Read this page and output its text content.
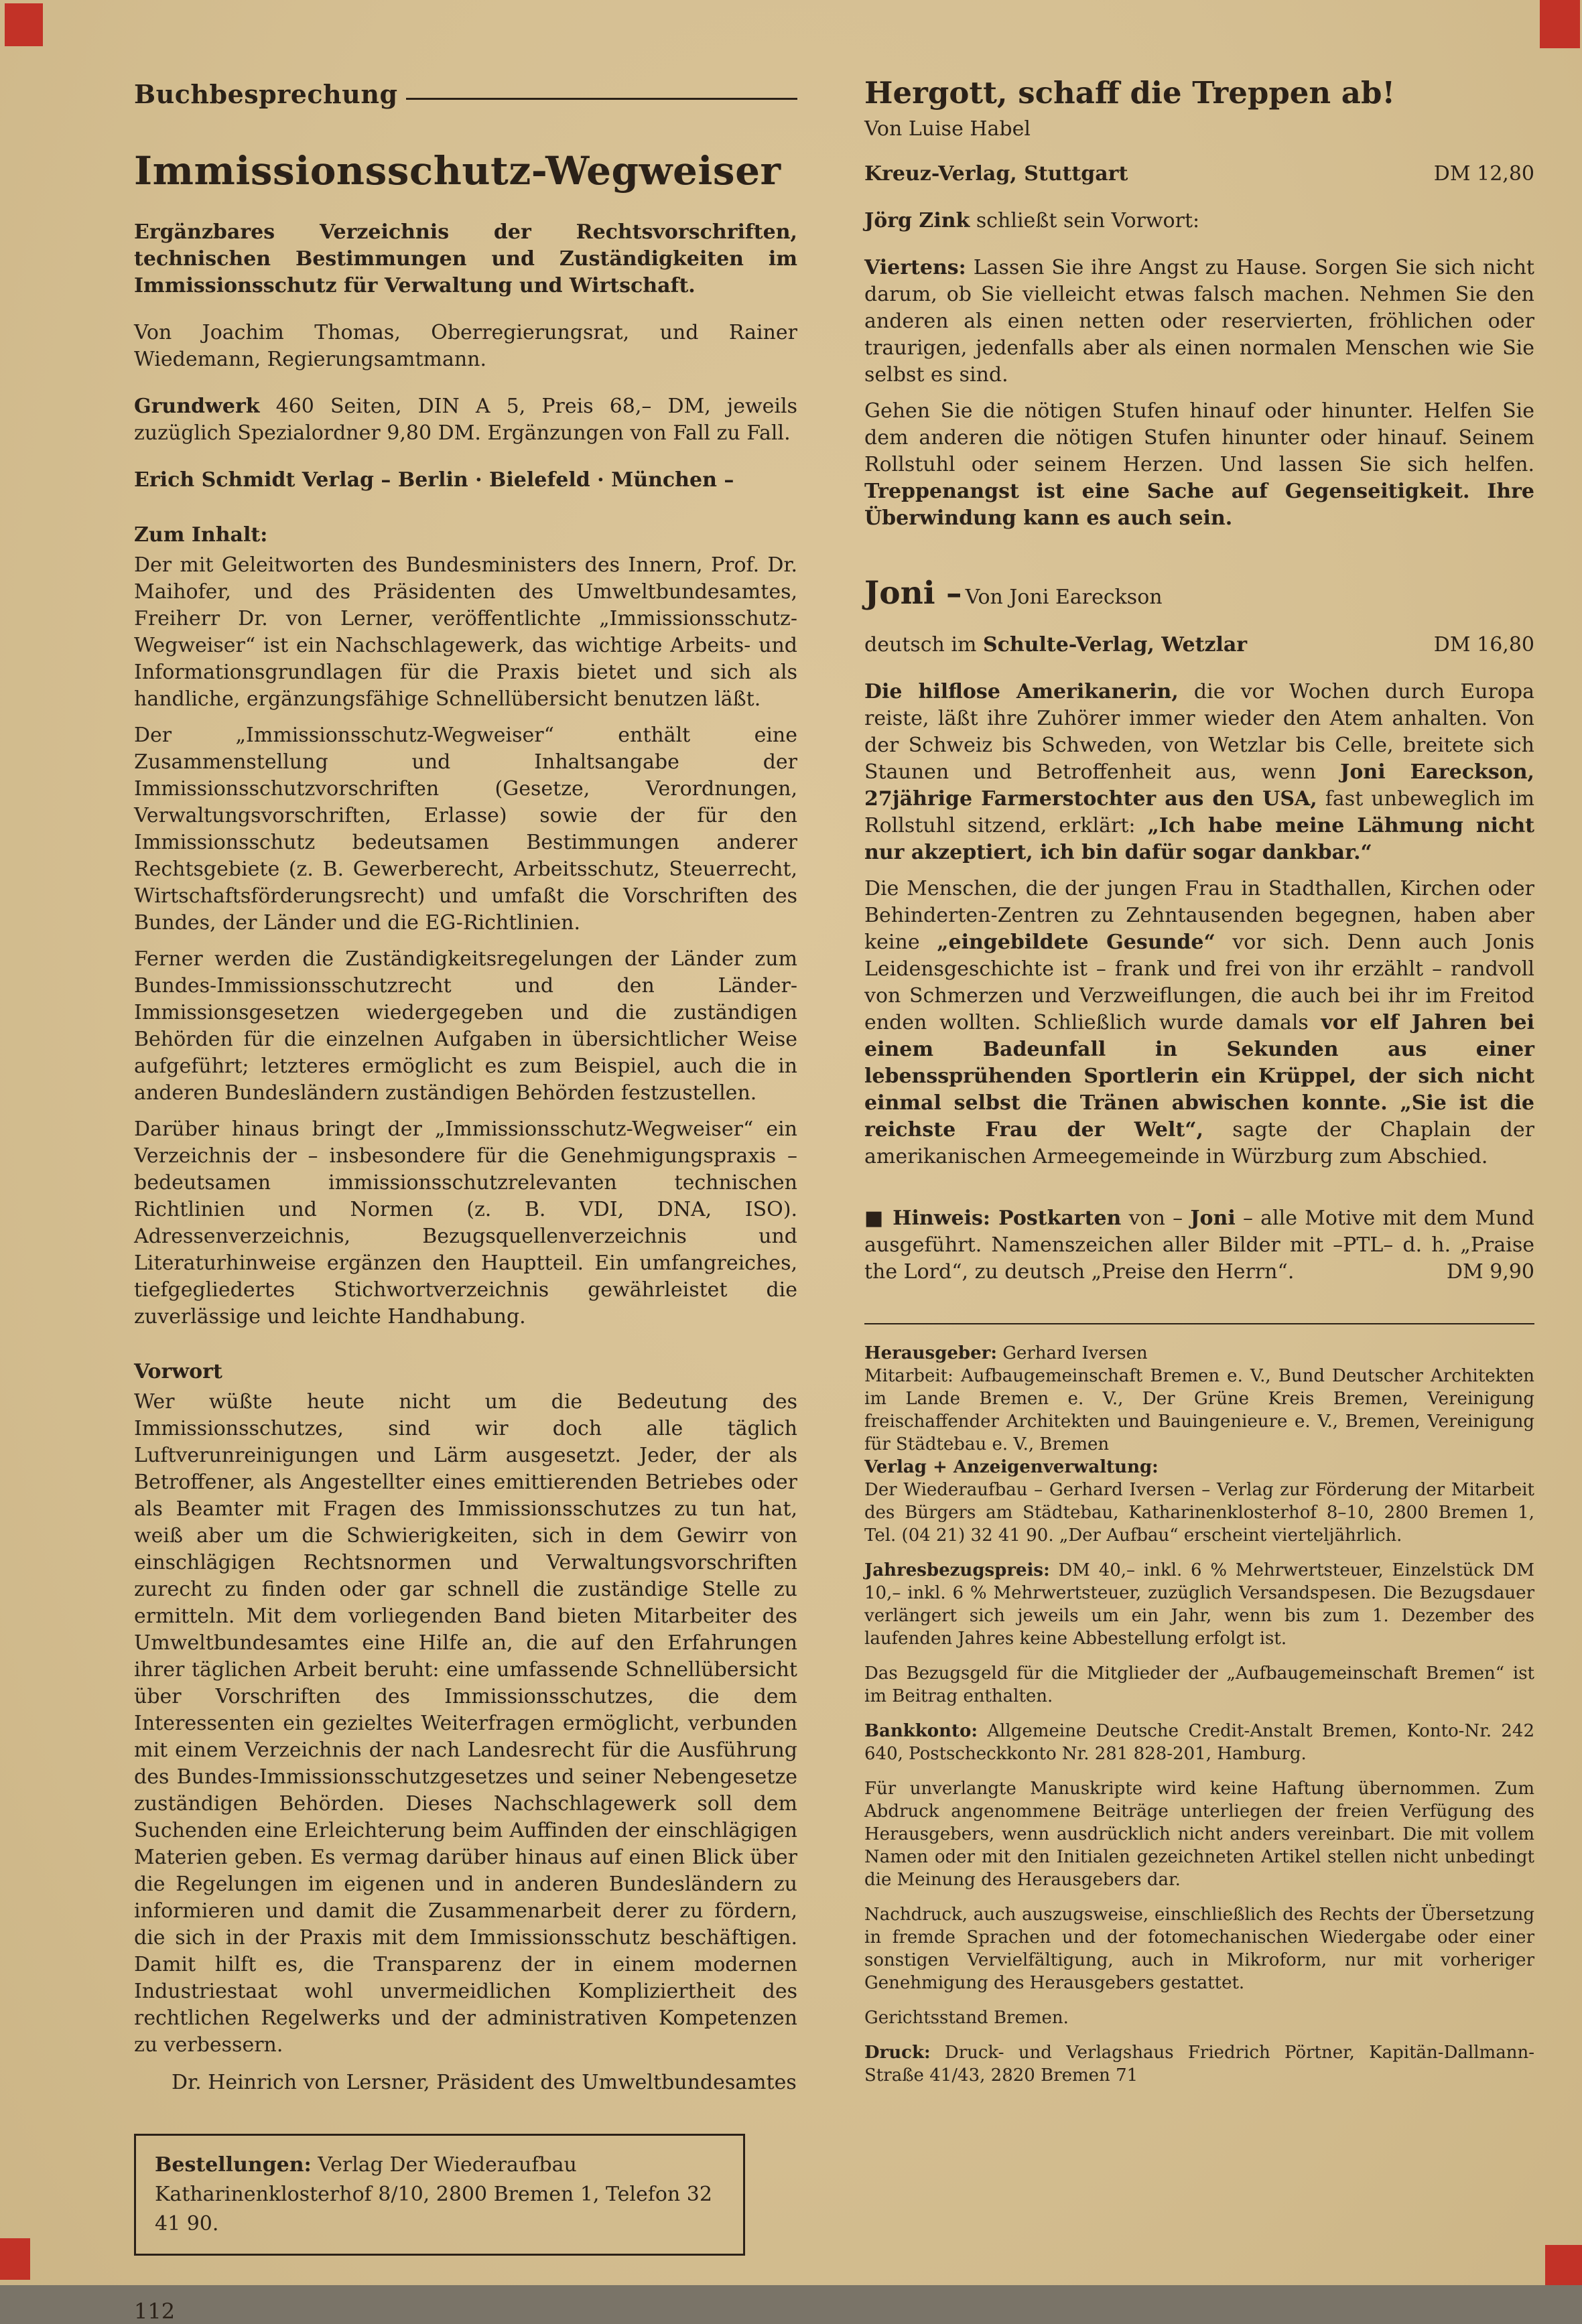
Buchbesprechung
Immissionsschutz-Wegweiser

Ergänzbares Verzeichnis der Rechtsvorschriften, technischen Bestimmungen und Zuständigkeiten im Immissionsschutz für Verwaltung und Wirtschaft.

Von Joachim Thomas, Oberregierungsrat, und Rainer Wiedemann, Regierungsamtmann.

Grundwerk 460 Seiten, DIN A 5, Preis 68,– DM, jeweils zuzüglich Spezialordner 9,80 DM. Ergänzungen von Fall zu Fall.

Erich Schmidt Verlag – Berlin · Bielefeld · München –

Zum Inhalt:

Der mit Geleitworten des Bundesministers des Innern, Prof. Dr. Maihofer, und des Präsidenten des Umweltbundesamtes, Freiherr Dr. von Lerner, veröffentlichte „Immissionsschutz-Wegweiser“ ist ein Nachschlagewerk, das wichtige Arbeits- und Informationsgrundlagen für die Praxis bietet und sich als handliche, ergänzungsfähige Schnellübersicht benutzen läßt.

Der „Immissionsschutz-Wegweiser“ enthält eine Zusammenstellung und Inhaltsangabe der Immissionsschutzvorschriften (Gesetze, Verordnungen, Verwaltungsvorschriften, Erlasse) sowie der für den Immissionsschutz bedeutsamen Bestimmungen anderer Rechtsgebiete (z. B. Gewerberecht, Arbeitsschutz, Steuerrecht, Wirtschaftsförderungsrecht) und umfaßt die Vorschriften des Bundes, der Länder und die EG-Richtlinien.

Ferner werden die Zuständigkeitsregelungen der Länder zum Bundes-Immissionsschutzrecht und den Länder-Immissionsgesetzen wiedergegeben und die zuständigen Behörden für die einzelnen Aufgaben in übersichtlicher Weise aufgeführt; letzteres ermöglicht es zum Beispiel, auch die in anderen Bundesländern zuständigen Behörden festzustellen.

Darüber hinaus bringt der „Immissionsschutz-Wegweiser“ ein Verzeichnis der – insbesondere für die Genehmigungspraxis – bedeutsamen immissionsschutzrelevanten technischen Richtlinien und Normen (z. B. VDI, DNA, ISO). Adressenverzeichnis, Bezugsquellenverzeichnis und Literaturhinweise ergänzen den Hauptteil. Ein umfangreiches, tiefgegliedertes Stichwortverzeichnis gewährleistet die zuverlässige und leichte Handhabung.

Vorwort

Wer wüßte heute nicht um die Bedeutung des Immissionsschutzes, sind wir doch alle täglich Luftverunreinigungen und Lärm ausgesetzt. Jeder, der als Betroffener, als Angestellter eines emittierenden Betriebes oder als Beamter mit Fragen des Immissionsschutzes zu tun hat, weiß aber um die Schwierigkeiten, sich in dem Gewirr von einschlägigen Rechtsnormen und Verwaltungsvorschriften zurecht zu finden oder gar schnell die zuständige Stelle zu ermitteln. Mit dem vorliegenden Band bieten Mitarbeiter des Umweltbundesamtes eine Hilfe an, die auf den Erfahrungen ihrer täglichen Arbeit beruht: eine umfassende Schnellübersicht über Vorschriften des Immissionsschutzes, die dem Interessenten ein gezieltes Weiterfragen ermöglicht, verbunden mit einem Verzeichnis der nach Landesrecht für die Ausführung des Bundes-Immissionsschutzgesetzes und seiner Nebengesetze zuständigen Behörden. Dieses Nachschlagewerk soll dem Suchenden eine Erleichterung beim Auffinden der einschlägigen Materien geben. Es vermag darüber hinaus auf einen Blick über die Regelungen im eigenen und in anderen Bundesländern zu informieren und damit die Zusammenarbeit derer zu fördern, die sich in der Praxis mit dem Immissionsschutz beschäftigen. Damit hilft es, die Transparenz der in einem modernen Industriestaat wohl unvermeidlichen Kompliziertheit des rechtlichen Regelwerks und der administrativen Kompetenzen zu verbessern.

Dr. Heinrich von Lersner, Präsident des Umweltbundesamtes

Bestellungen: Verlag Der Wiederaufbau

Katharinenklosterhof 8/10, 2800 Bremen 1, Telefon 32 41 90.

112
Hergott, schaff die Treppen ab!

Von Luise Habel

Kreuz-Verlag, Stuttgart	DM 12,80

Jörg Zink schließt sein Vorwort:

Viertens: Lassen Sie ihre Angst zu Hause. Sorgen Sie sich nicht darum, ob Sie vielleicht etwas falsch machen. Nehmen Sie den anderen als einen netten oder reservierten, fröhlichen oder traurigen, jedenfalls aber als einen normalen Menschen wie Sie selbst es sind.

Gehen Sie die nötigen Stufen hinauf oder hinunter. Helfen Sie dem anderen die nötigen Stufen hinunter oder hinauf. Seinem Rollstuhl oder seinem Herzen. Und lassen Sie sich helfen. Treppenangst ist eine Sache auf Gegenseitigkeit. Ihre Überwindung kann es auch sein.

Joni – Von Joni Eareckson
deutsch im Schulte-Verlag, Wetzlar	DM 16,80

Die hilflose Amerikanerin, die vor Wochen durch Europa reiste, läßt ihre Zuhörer immer wieder den Atem anhalten. Von der Schweiz bis Schweden, von Wetzlar bis Celle, breitete sich Staunen und Betroffenheit aus, wenn Joni Eareckson, 27jährige Farmerstochter aus den USA, fast unbeweglich im Rollstuhl sitzend, erklärt: „Ich habe meine Lähmung nicht nur akzeptiert, ich bin dafür sogar dankbar.“

Die Menschen, die der jungen Frau in Stadthallen, Kirchen oder Behinderten-Zentren zu Zehntausenden begegnen, haben aber keine „eingebildete Gesunde“ vor sich. Denn auch Jonis Leidensgeschichte ist – frank und frei von ihr erzählt – randvoll von Schmerzen und Verzweiflungen, die auch bei ihr im Freitod enden wollten. Schließlich wurde damals vor elf Jahren bei einem Badeunfall in Sekunden aus einer lebenssprühenden Sportlerin ein Krüppel, der sich nicht einmal selbst die Tränen abwischen konnte. „Sie ist die reichste Frau der Welt“, sagte der Chaplain der amerikanischen Armeegemeinde in Würzburg zum Abschied.

■ Hinweis: Postkarten von – Joni – alle Motive mit dem Mund ausgeführt. Namenszeichen aller Bilder mit –PTL– d. h. „Praise the Lord“, zu deutsch „Preise den Herrn“.	DM 9,90

Herausgeber: Gerhard Iversen

Mitarbeit: Aufbaugemeinschaft Bremen e. V., Bund Deutscher Architekten im Lande Bremen e. V., Der Grüne Kreis Bremen, Vereinigung freischaffender Architekten und Bauingenieure e. V., Bremen, Vereinigung für Städtebau e. V., Bremen

Verlag + Anzeigenverwaltung:

Der Wiederaufbau – Gerhard Iversen – Verlag zur Förderung der Mitarbeit des Bürgers am Städtebau, Katharinenklosterhof 8–10, 2800 Bremen 1, Tel. (04 21) 32 41 90. „Der Aufbau“ erscheint vierteljährlich.

Jahresbezugspreis: DM 40,– inkl. 6 % Mehrwertsteuer, Einzelstück DM 10,– inkl. 6 % Mehrwertsteuer, zuzüglich Versandspesen. Die Bezugsdauer verlängert sich jeweils um ein Jahr, wenn bis zum 1. Dezember des laufenden Jahres keine Abbestellung erfolgt ist.

Das Bezugsgeld für die Mitglieder der „Aufbaugemeinschaft Bremen“ ist im Beitrag enthalten.

Bankkonto: Allgemeine Deutsche Credit-Anstalt Bremen, Konto-Nr. 242 640, Postscheckkonto Nr. 281 828-201, Hamburg.

Für unverlangte Manuskripte wird keine Haftung übernommen. Zum Abdruck angenommene Beiträge unterliegen der freien Verfügung des Herausgebers, wenn ausdrücklich nicht anders vereinbart. Die mit vollem Namen oder mit den Initialen gezeichneten Artikel stellen nicht unbedingt die Meinung des Herausgebers dar.

Nachdruck, auch auszugsweise, einschließlich des Rechts der Übersetzung in fremde Sprachen und der fotomechanischen Wiedergabe oder einer sonstigen Vervielfältigung, auch in Mikroform, nur mit vorheriger Genehmigung des Herausgebers gestattet.

Gerichtsstand Bremen.

Druck: Druck- und Verlagshaus Friedrich Pörtner, Kapitän-Dallmann-Straße 41/43, 2820 Bremen 71
